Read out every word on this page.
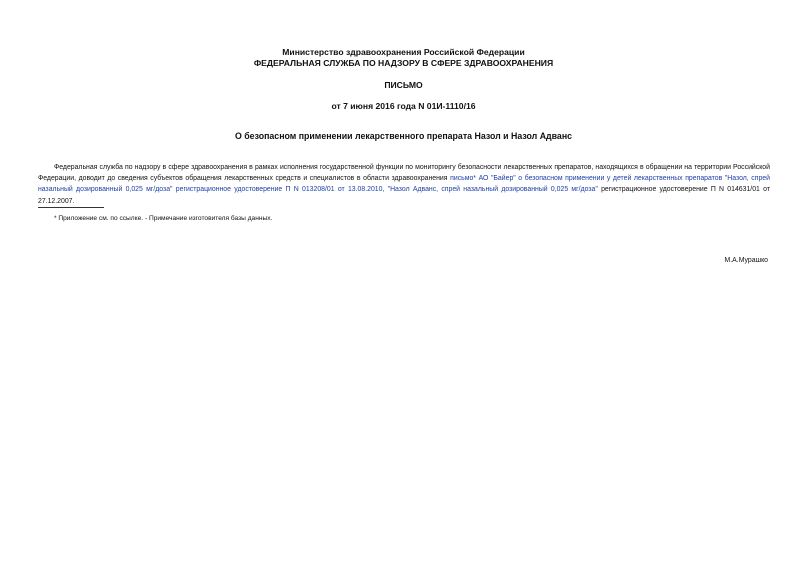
Министерство здравоохранения Российской Федерации
ФЕДЕРАЛЬНАЯ СЛУЖБА ПО НАДЗОРУ В СФЕРЕ ЗДРАВООХРАНЕНИЯ
ПИСЬМО
от 7 июня 2016 года N 01И-1110/16
О безопасном применении лекарственного препарата Назол и Назол Адванс
Федеральная служба по надзору в сфере здравоохранения в рамках исполнения государственной функции по мониторингу безопасности лекарственных препаратов, находящихся в обращении на территории Российской Федерации, доводит до сведения субъектов обращения лекарственных средств и специалистов в области здравоохранения письмо* АО "Байер" о безопасном применении у детей лекарственных препаратов "Назол, спрей назальный дозированный 0,025 мг/доза" регистрационное удостоверение П N 013208/01 от 13.08.2010, "Назол Адванс, спрей назальный дозированный 0,025 мг/доза" регистрационное удостоверение П N 014631/01 от 27.12.2007.
* Приложение см. по ссылке. - Примечание изготовителя базы данных.
М.А.Мурашко
